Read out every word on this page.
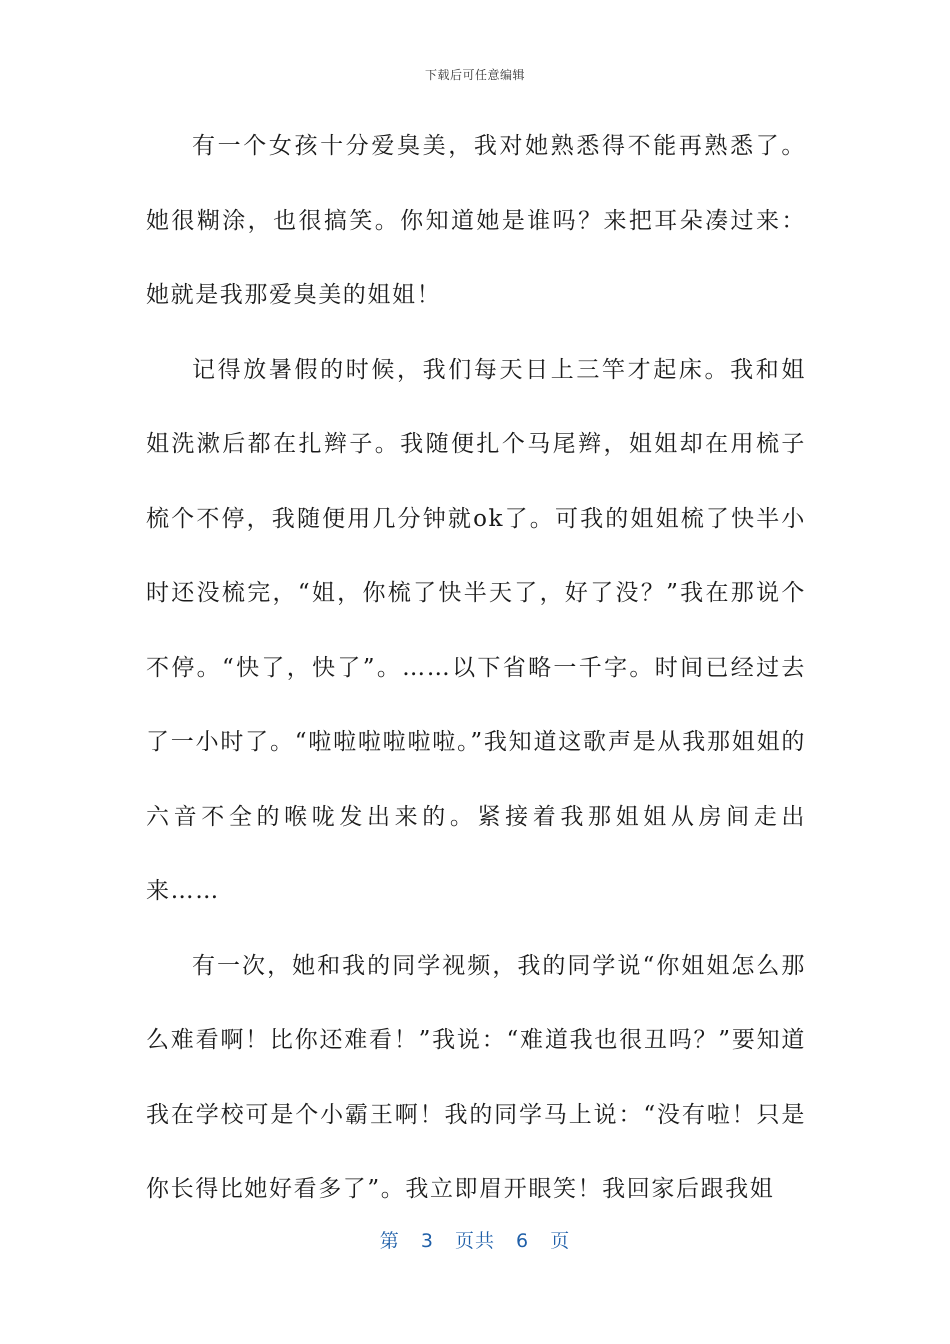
下载后可任意编辑

有一个女孩十分爱臭美，我对她熟悉得不能再熟悉了。她很糊涂，也很搞笑。你知道她是谁吗？来把耳朵凑过来：她就是我那爱臭美的姐姐！

记得放暑假的时候，我们每天日上三竿才起床。我和姐姐洗漱后都在扎辫子。我随便扎个马尾辫，姐姐却在用梳子梳个不停，我随便用几分钟就ok了。可我的姐姐梳了快半小时还没梳完，“姐，你梳了快半天了，好了没？”我在那说个不停。“快了，快了”。……以下省略一千字。时间已经过去了一小时了。“啦啦啦啦啦啦。”我知道这歌声是从我那姐姐的六音不全的喉咙发出来的。紧接着我那姐姐从房间走出来……

有一次，她和我的同学视频，我的同学说“你姐姐怎么那么难看啊！比你还难看！”我说：“难道我也很丑吗？”要知道我在学校可是个小霸王啊！我的同学马上说：“没有啦！只是你长得比她好看多了”。我立即眉开眼笑！我回家后跟我姐

第 3 页共 6 页
